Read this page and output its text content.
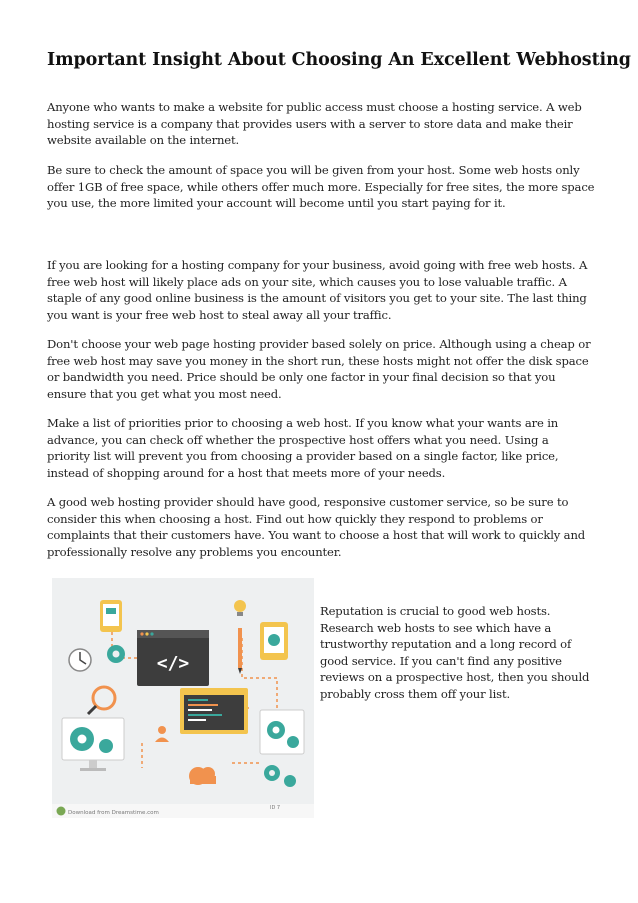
Important Insight About Choosing An Excellent Webhosting

Anyone who wants to make a website for public access must choose a hosting service. A web hosting service is a company that provides users with a server to store data and make their website available on the internet.

Be sure to check the amount of space you will be given from your host. Some web hosts only offer 1GB of free space, while others offer much more. Especially for free sites, the more space you use, the more limited your account will become until you start paying for it.

If you are looking for a hosting company for your business, avoid going with free web hosts. A free web host will likely place ads on your site, which causes you to lose valuable traffic. A staple of any good online business is the amount of visitors you get to your site. The last thing you want is your free web host to steal away all your traffic.

Don't choose your web page hosting provider based solely on price. Although using a cheap or free web host may save you money in the short run, these hosts might not offer the disk space or bandwidth you need. Price should be only one factor in your final decision so that you ensure that you get what you most need.

Make a list of priorities prior to choosing a web host. If you know what your wants are in advance, you can check off whether the prospective host offers what you need. Using a priority list will prevent you from choosing a provider based on a single factor, like price, instead of shopping around for a host that meets more of your needs.

A good web hosting provider should have good, responsive customer service, so be sure to consider this when choosing a host. Find out how quickly they respond to problems or complaints that their customers have. You want to choose a host that will work to quickly and professionally resolve any problems you encounter.

</>
Download from Dreamstime.com
ID 7

Reputation is crucial to good web hosts. Research web hosts to see which have a trustworthy reputation and a long record of good service. If you can't find any positive reviews on a prospective host, then you should probably cross them off your list.
